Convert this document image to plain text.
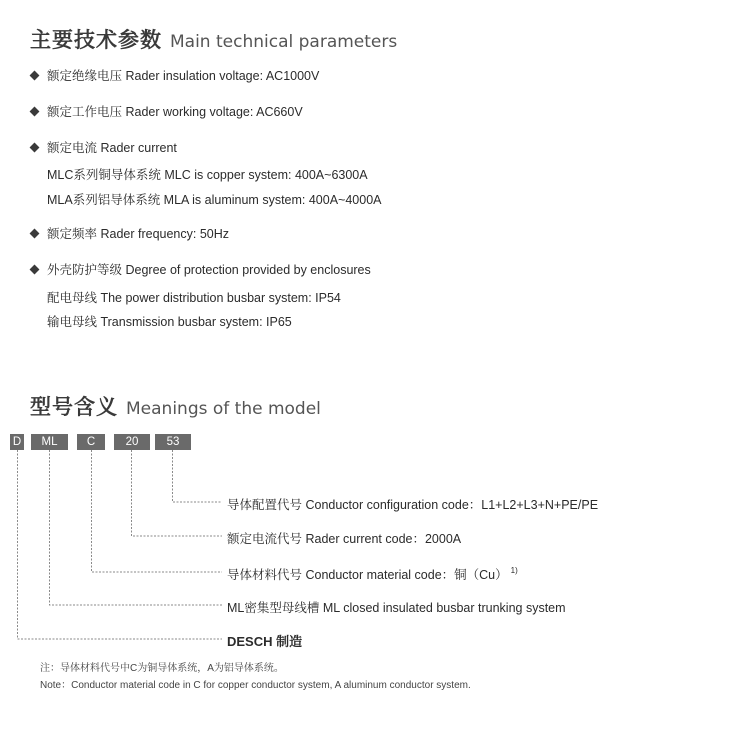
主要技术参数 Main technical parameters
额定绝缘电压 Rader insulation voltage: AC1000V
额定工作电压 Rader working voltage: AC660V
额定电流 Rader current
MLC系列铜导体系统 MLC is copper system: 400A~6300A
MLA系列铝导体系统 MLA is aluminum system: 400A~4000A
额定频率 Rader frequency: 50Hz
外壳防护等级 Degree of protection provided by enclosures
配电母线 The power distribution busbar system: IP54
输电母线 Transmission busbar system: IP65
型号含义 Meanings of the model
D	ML	C	20	53
导体配置代号 Conductor configuration code：L1+L2+L3+N+PE/PE
额定电流代号 Rader current code：2000A
导体材料代号 Conductor material code：铜（Cu） $^{1)}$
ML密集型母线槽 ML closed insulated busbar trunking system
DESCH 制造
注：导体材料代号中C为铜导体系统，A为铝导体系统。
Note：Conductor material code in C for copper conductor system, A aluminum conductor system.
